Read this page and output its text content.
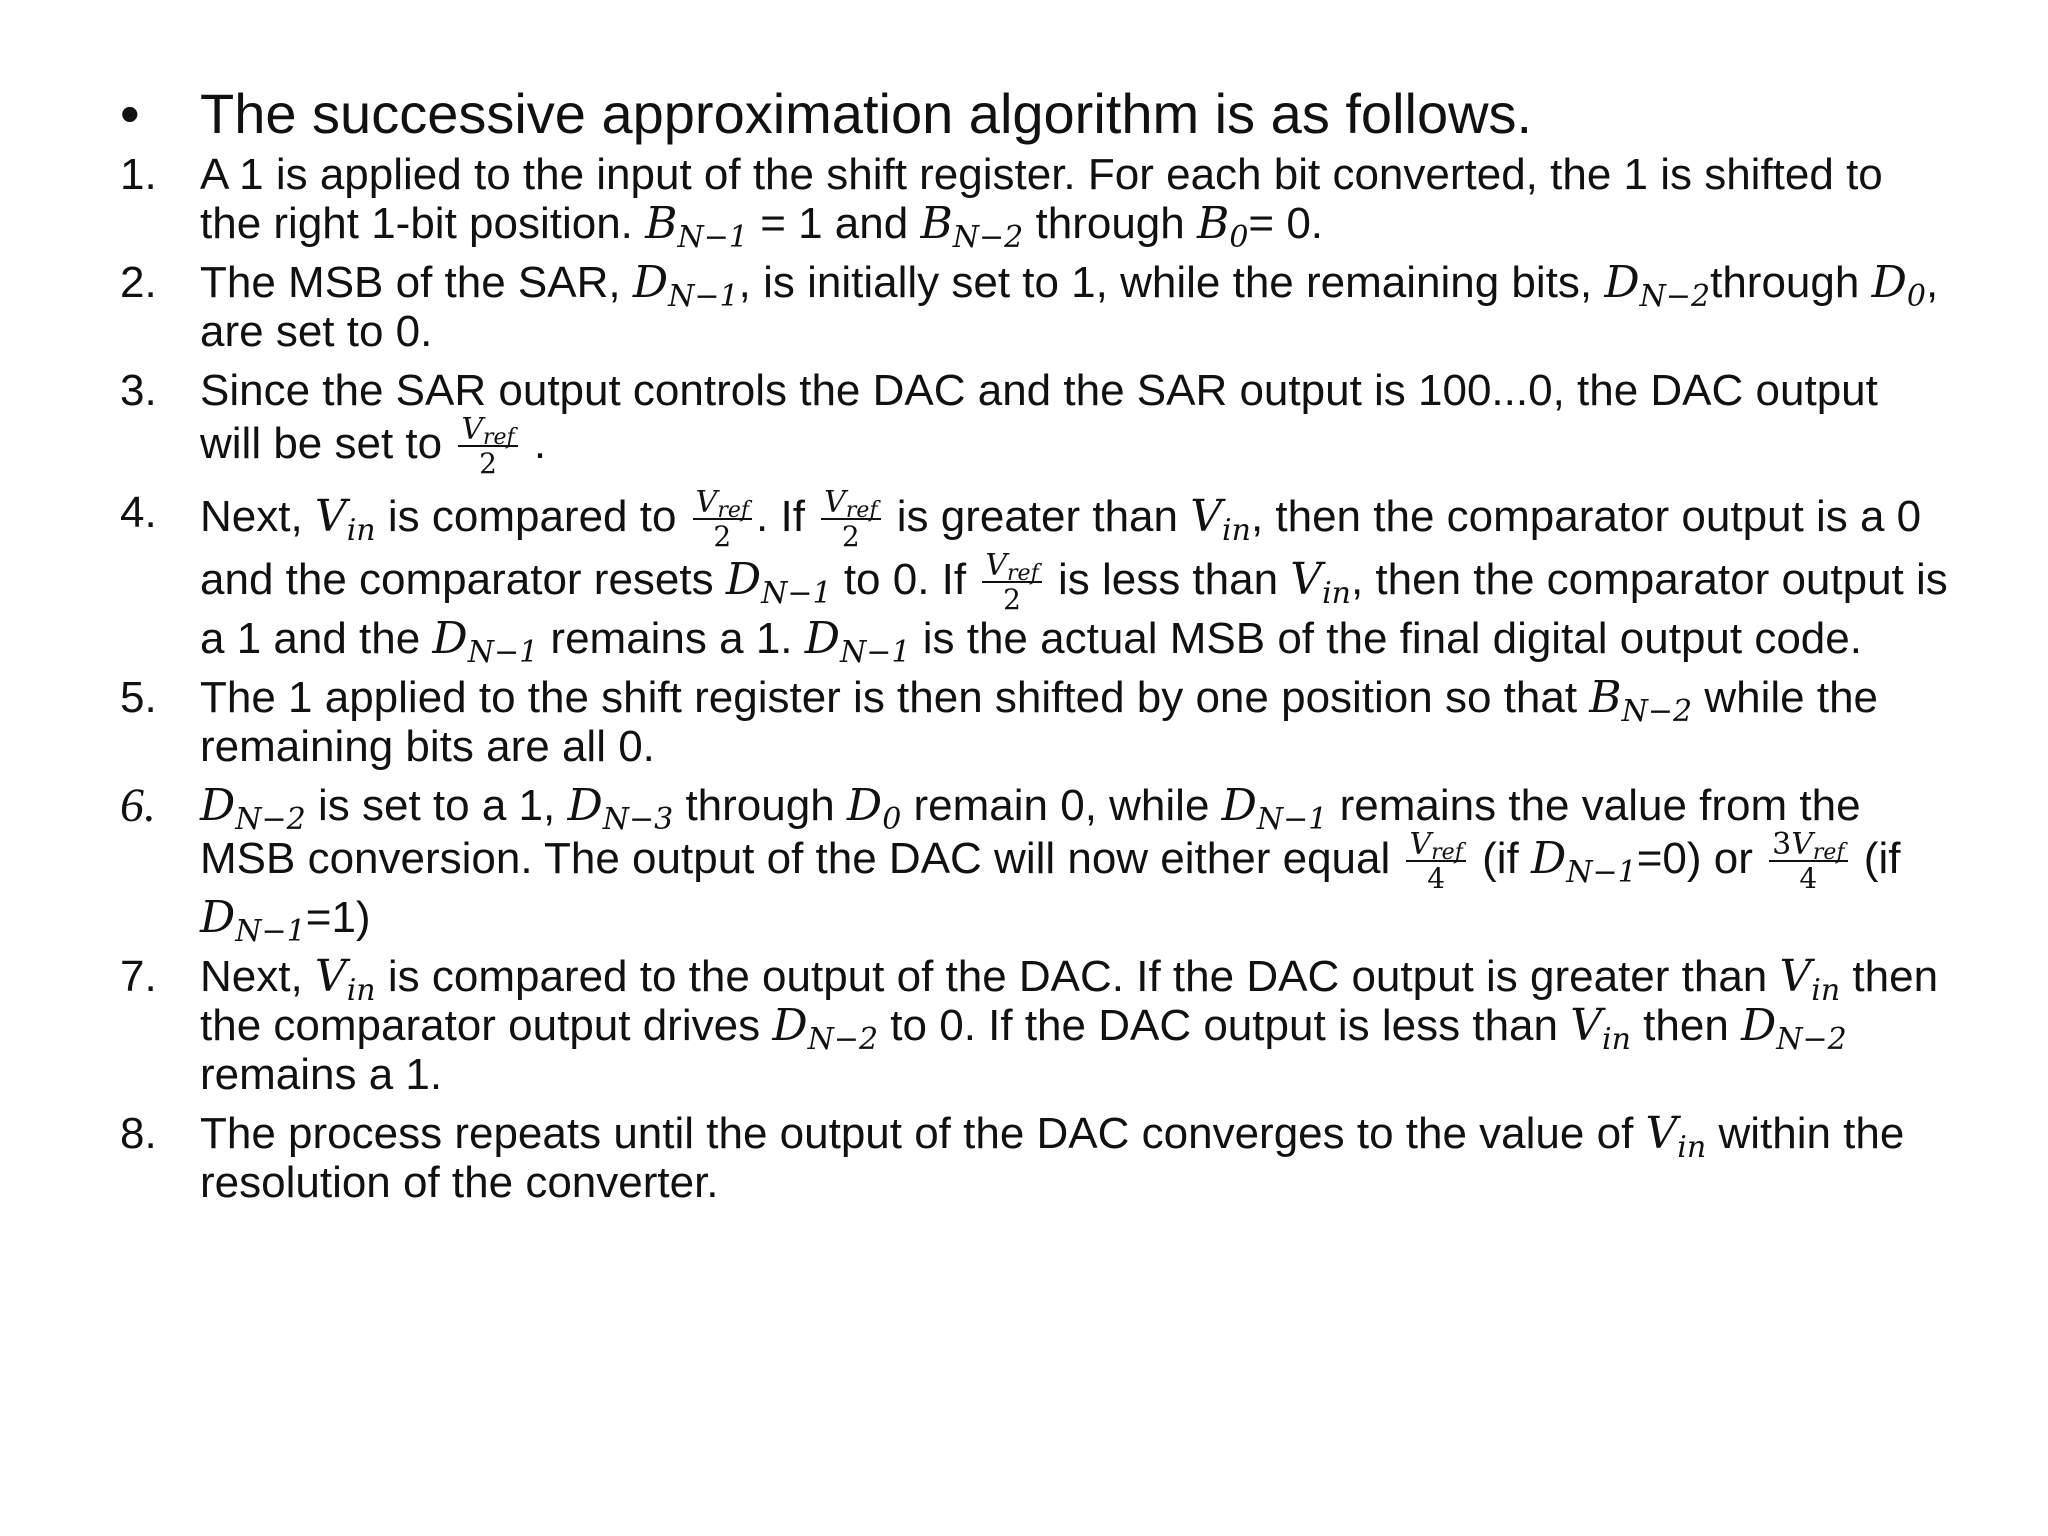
• The successive approximation algorithm is as follows.
1. A 1 is applied to the input of the shift register. For each bit converted, the 1 is shifted to the right 1-bit position. $B_{N-1} = 1$ and $B_{N-2}$ through $B_0= 0$.
2. The MSB of the SAR, $D_{N-1}$, is initially set to 1, while the remaining bits, $D_{N-2}through$ $D_0$, are set to 0.
3. Since the SAR output controls the DAC and the SAR output is 100...0, the DAC output will be set to $\frac{V_{ref}}{2}$ .
4. Next, $V_{in}$ is compared to $\frac{V_{ref}}{2}$ . If $\frac{V_{ref}}{2}$ is greater than $V_{in}$, then the comparator output is a 0 and the comparator resets $D_{N-1}$ to 0. If $\frac{V_{ref}}{2}$ is less than $V_{in}$, then the comparator output is a 1 and the $D_{N-1}$ remains a 1. $D_{N-1}$ is the actual MSB of the final digital output code.
5. The 1 applied to the shift register is then shifted by one position so that $B_{N-2}$ while the remaining bits are all 0.
6. $D_{N-2}$ is set to a 1, $D_{N-3}$ through $D_0$ remain 0, while $D_{N-1}$ remains the value from the MSB conversion. The output of the DAC will now either equal $\frac{V_{ref}}{4} (if$ $D_{N-1}=0$) or $\frac{3V_{ref}}{4} (if$ $D_{N-1}=1$)
7. Next, $V_{in}$ is compared to the output of the DAC. If the DAC output is greater than $V_{in}$ then the comparator output drives $D_{N-2}$ to 0. If the DAC output is less than $V_{in}$ then $D_{N-2}$ remains a 1.
8. The process repeats until the output of the DAC converges to the value of $V_{in}$ within the resolution of the converter.
